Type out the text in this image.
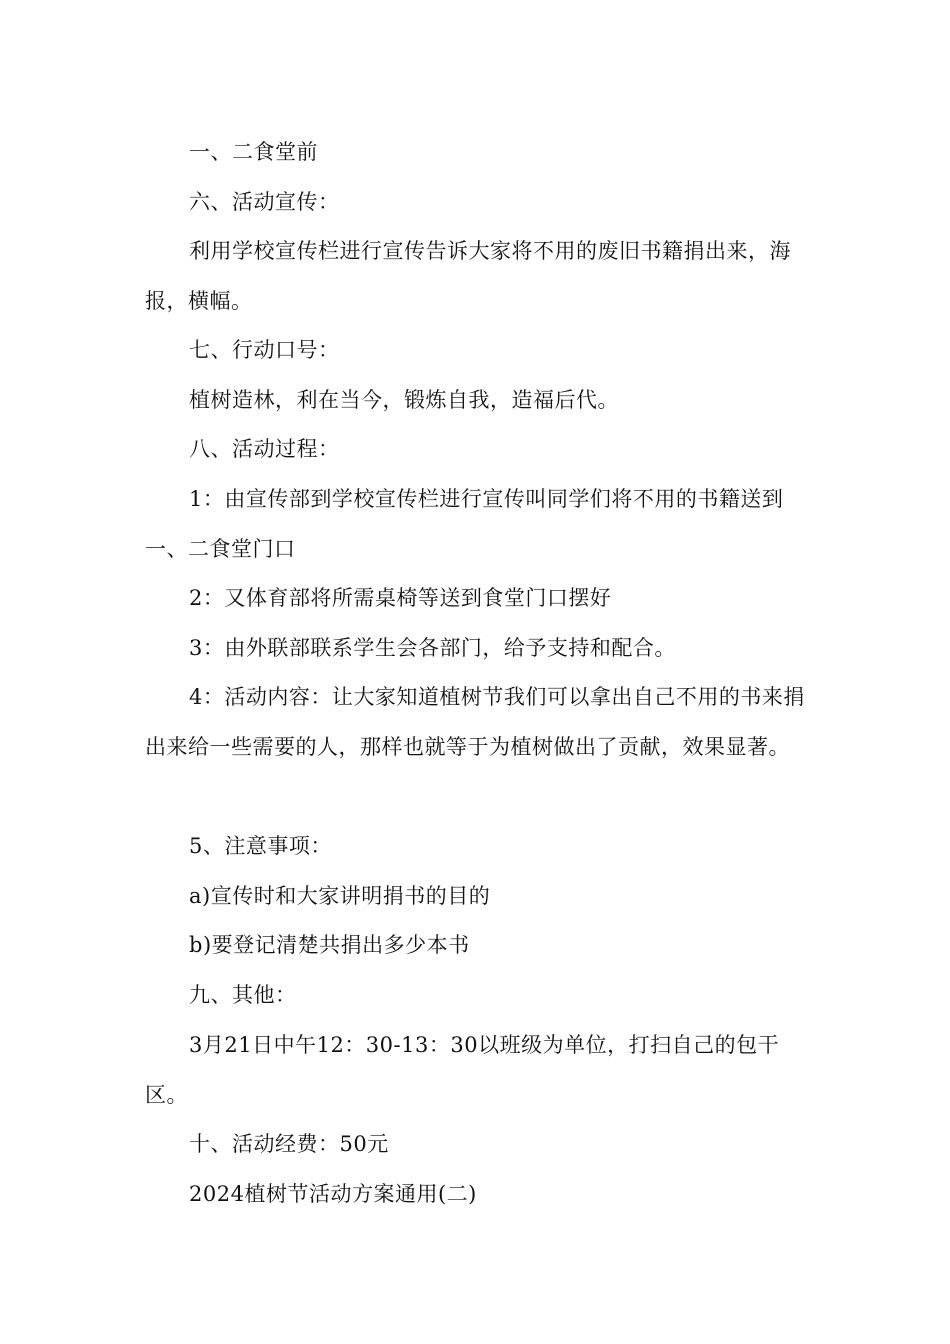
一、二食堂前

六、活动宣传：

利用学校宣传栏进行宣传告诉大家将不用的废旧书籍捐出来，海报，横幅。

七、行动口号：

植树造林，利在当今，锻炼自我，造福后代。

八、活动过程：

1：由宣传部到学校宣传栏进行宣传叫同学们将不用的书籍送到一、二食堂门口

2：又体育部将所需桌椅等送到食堂门口摆好

3：由外联部联系学生会各部门，给予支持和配合。

4：活动内容：让大家知道植树节我们可以拿出自己不用的书来捐出来给一些需要的人，那样也就等于为植树做出了贡献，效果显著。

5、注意事项：

a)宣传时和大家讲明捐书的目的

b)要登记清楚共捐出多少本书

九、其他：

3月21日中午12：30-13：30以班级为单位，打扫自己的包干区。

十、活动经费：50元

2024植树节活动方案通用(二)
